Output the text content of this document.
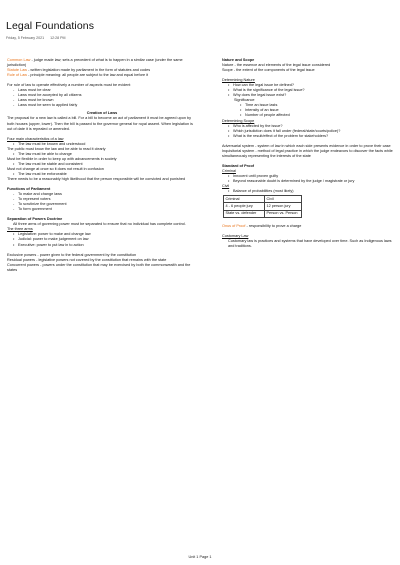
Legal Foundations
Friday, 5 February 2021 12:28 PM
Common Law - judge made law; sets a precedent of what is to happen in a similar case (under the same jurisdiction)
Statute Law - written legislation made by parliament in the form of statutes and codes
Rule of Law - principle meaning: all people are subject to the law and equal before it
For rule of law to operate effectively a number of aspects must be evident
- Laws must be clear
- Laws must be accepted by all citizens
- Laws must be known
- Laws must be seen to applied fairly
Creation of Laws
The proposal for a new law is called a bill. For a bill to become an act of parliament it must be agreed upon by both houses (upper, lower). Then the bill is passed to the governor general for royal assent. When legislation is out of date it is repealed or amended.
Four main characteristics of a law
• The law must be known and understood
The public must know the law and be able to read it clearly
• The law must be able to change
Must be flexible in order to keep up with advancements in society
• The law must be stable and consistent
Must not change at once so it does not result in confusion
• The law must be enforceable
There needs to be a reasonably high likelihood that the person responsible will be convicted and punished
Functions of Parliament
- To make and change laws
- To represent voters
- To scrutinize the government
- To form government
Separation of Powers Doctrine
All three arms of governing power must be separated to ensure that no individual has complete control.
The three arms
• Legislative: power to make and change law
• Judicial: power to make judgement on law
• Executive: power to put law in to action
Exclusive powers - power given to the federal government by the constitution
Residual powers - legislative powers not covered by the constitution that remains with the state
Concurrent powers - powers under the constitution that may be exercised by both the commonwealth and the states
Nature and Scope
Nature - the essence and elements of the legal issue considered
Scope - the extent of the components of the legal issue
Determining Nature
• How can the legal issue be defined?
• What is the significance of the legal issue?
• Why does the legal issue exist?
Significance
• Time an issue lasts
• Intensity of an issue
• Number of people affected
Determining Scope
• Who is affected by the issue?
• Which jurisdiction does it fall under (federal/state/courts/police)?
• What is the result/effect of the problem for stakeholders?
Adversarial system - system of law in which each side presents evidence in order to prove their case
Inquisitorial system - method of legal practice in which the judge endeavors to discover the facts while simultaneously representing the interests of the state
Standard of Proof
Criminal
• Innocent until proven guilty
• Beyond reasonable doubt is determined by the judge / magistrate or jury
Civil
• Balance of probabilities (most likely)
Criminal	Civil
4 - 6 people jury	12 person jury
State vs. defender	Person vs. Person
Onus of Proof - responsibility to prove a charge
Customary Law
Customary law is practices and systems that have developed over time. Such as Indigenous laws and traditions.
Unit 1 Page 1
